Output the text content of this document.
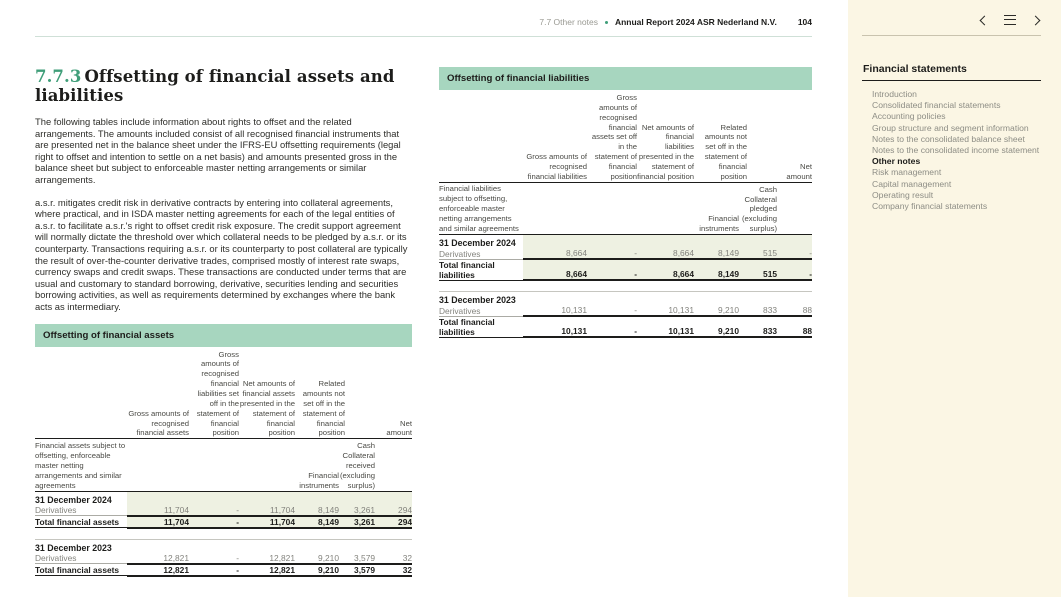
7.7 Other notes Annual Report 2024 ASR Nederland N.V. 104
7.7.3 Offsetting of financial assets and liabilities

The following tables include information about rights to offset and the related arrangements. The amounts included consist of all recognised financial instruments that are presented net in the balance sheet under the IFRS-EU offsetting requirements (legal right to offset and intention to settle on a net basis) and amounts presented gross in the balance sheet but subject to enforceable master netting arrangements or similar arrangements.

a.s.r. mitigates credit risk in derivative contracts by entering into collateral agreements, where practical, and in ISDA master netting agreements for each of the legal entities of a.s.r. to facilitate a.s.r.'s right to offset credit risk exposure. The credit support agreement will normally dictate the threshold over which collateral needs to be pledged by a.s.r. or its counterparty. Transactions requiring a.s.r. or its counterparty to post collateral are typically the result of over-the-counter derivative trades, comprised mostly of interest rate swaps, currency swaps and credit swaps. These transactions are conducted under terms that are usual and customary to standard borrowing, derivative, securities lending and securities borrowing activities, as well as requirements determined by exchanges where the bank acts as intermediary.

Offsetting of financial assets
	Gross amounts of recognised financial assets	Gross amounts of recognised financial liabilities set off in the statement of financial position	Net amounts of financial assets presented in the statement of financial position	Related amounts not set off in the statement of financial position		Net amount
Financial assets subject to offsetting, enforceable master netting arrangements and similar agreements				Financial instruments	Cash Collateral received (excluding surplus)	
31 December 2024						
Derivatives	11,704	-	11,704	8,149	3,261	294
Total financial assets	11,704	-	11,704	8,149	3,261	294

31 December 2023						
Derivatives	12,821	-	12,821	9,210	3,579	32
Total financial assets	12,821	-	12,821	9,210	3,579	32
Offsetting of financial liabilities
	Gross amounts of recognised financial liabilities	Gross amounts of recognised financial assets set off in the statement of financial position	Net amounts of financial liabilities presented in the statement of financial position	Related amounts not set off in the statement of financial position		Net amount
Financial liabilities subject to offsetting, enforceable master netting arrangements and similar agreements				Financial instruments	Cash Collateral pledged (excluding surplus)	
31 December 2024						
Derivatives	8,664	-	8,664	8,149	515	-
Total financial liabilities	8,664	-	8,664	8,149	515	-

31 December 2023						
Derivatives	10,131	-	10,131	9,210	833	88
Total financial liabilities	10,131	-	10,131	9,210	833	88
Financial statements
Introduction
Consolidated financial statements
Accounting policies
Group structure and segment information
Notes to the consolidated balance sheet
Notes to the consolidated income statement
Other notes
Risk management
Capital management
Operating result
Company financial statements
